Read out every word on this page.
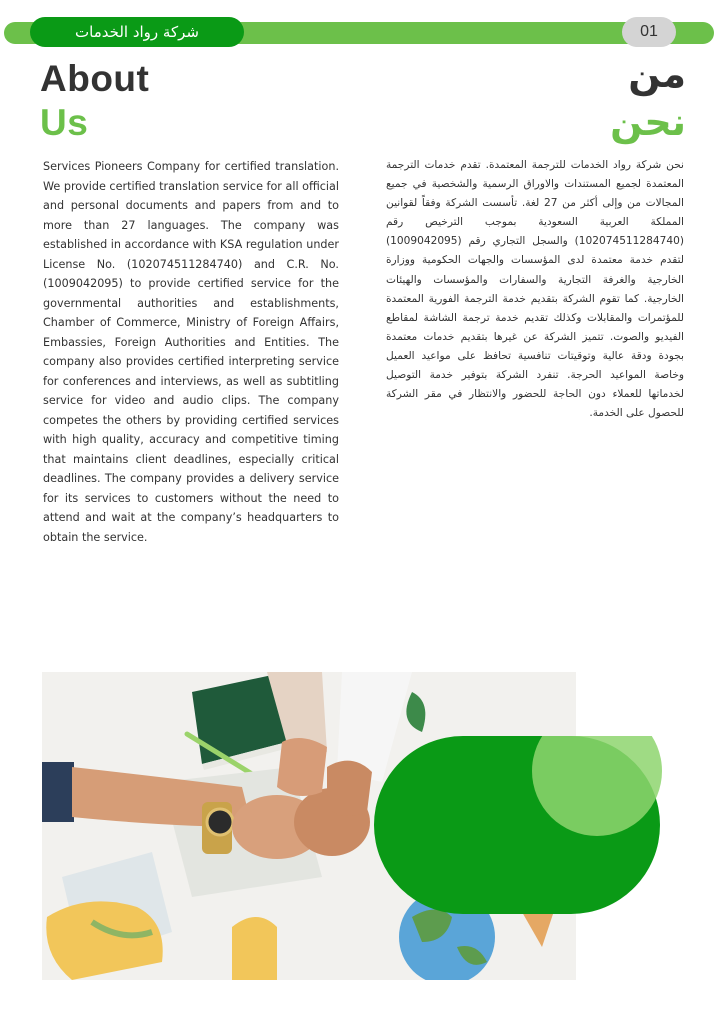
شركة رواد الخدمات	01
About
Us
من
نحن

Services Pioneers Company for certified translation. We provide certified translation service for all official and personal documents and papers from and to more than 27 languages. The company was established in accordance with KSA regulation under License No. (1020745​11284740) and C.R. No. (1009042095) to provide certified service for the governmental authorities and establishments, Chamber of Commerce, Ministry of Foreign Affairs, Embassies, Foreign Authorities and Entities. The company also provides certified interpreting service for conferences and interviews, as well as subtitling service for video and audio clips. The company competes the others by providing certified services with high quality, accuracy and competitive timing that maintains client deadlines, especially critical deadlines. The company provides a delivery service for its services to customers without the need to attend and wait at the company’s headquarters to obtain the service.

نحن شركة رواد الخدمات للترجمة المعتمدة. تقدم خدمات الترجمة المعتمدة لجميع المستندات والاوراق الرسمية والشخصية في جميع المجالات من وإلى أكثر من 27 لغة. تأسست الشركة وفقاً لقوانين المملكة العربية السعودية بموجب الترخيص رقم (102074511284740) والسجل التجاري رقم (1009042095) لتقدم خدمة معتمدة لدى المؤسسات والجهات الحكومية ووزارة الخارجية والغرفة التجارية والسفارات والمؤسسات والهيئات الخارجية. كما تقوم الشركة بتقديم خدمة الترجمة الفورية المعتمدة للمؤتمرات والمقابلات وكذلك تقديم خدمة ترجمة الشاشة لمقاطع الفيديو والصوت. تتميز الشركة عن غيرها بتقديم خدمات معتمدة بجودة ودقة عالية وتوقيتات تنافسية تحافظ على مواعيد العميل وخاصة المواعيد الحرجة. تنفرد الشركة بتوفير خدمة التوصيل لخدماتها للعملاء دون الحاجة للحضور والانتظار في مقر الشركة للحصول على الخدمة.
